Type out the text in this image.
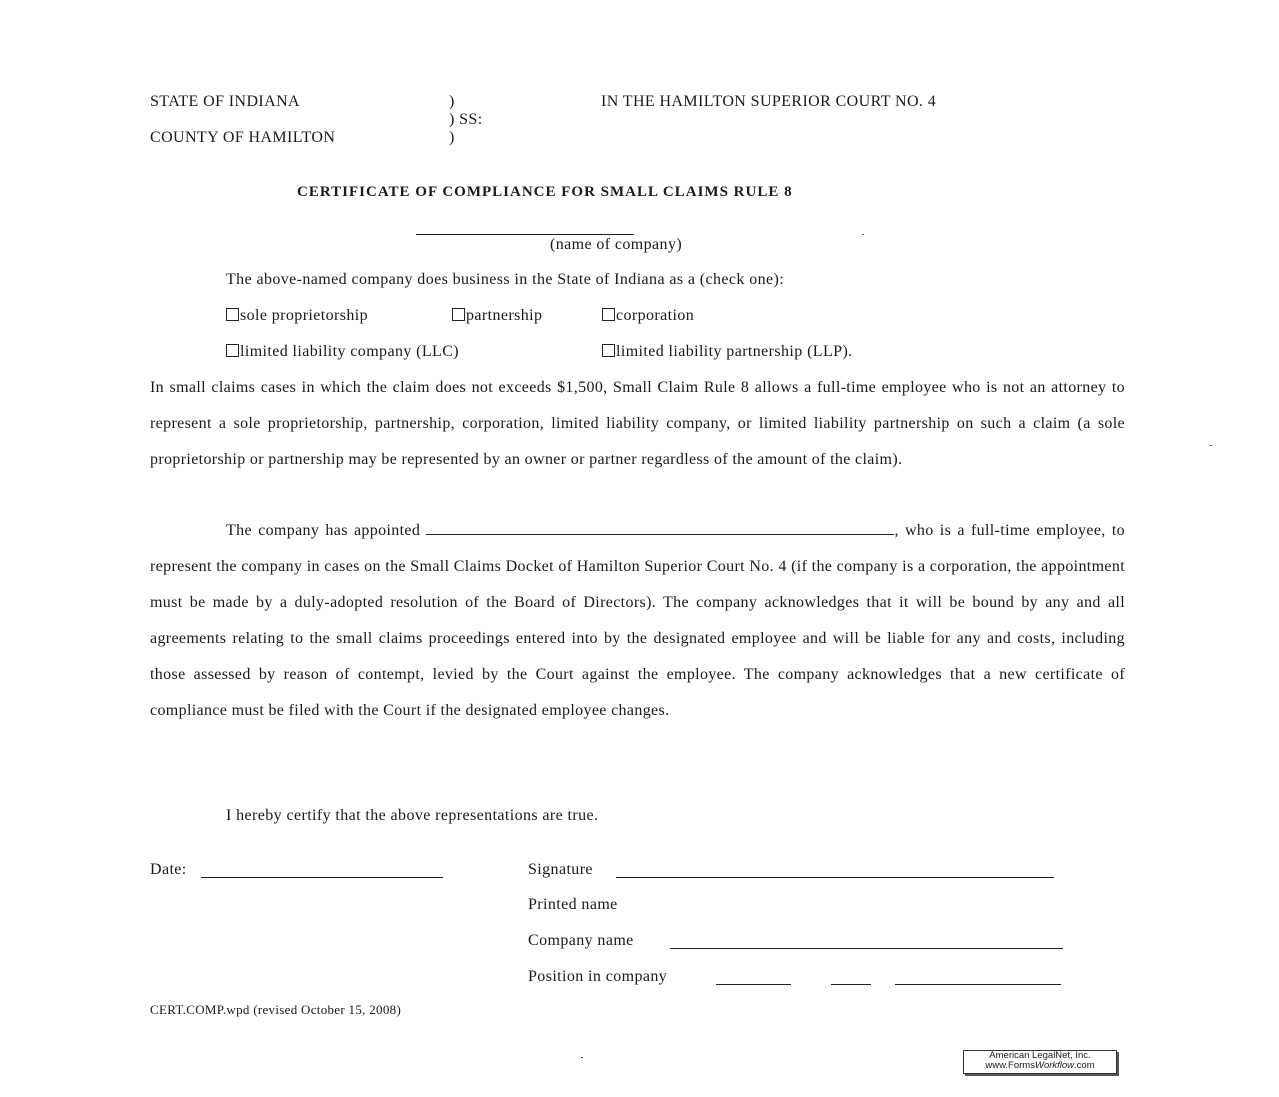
STATE OF INDIANA	)
) SS:
)
COUNTY OF HAMILTON
IN THE HAMILTON SUPERIOR COURT NO. 4
CERTIFICATE OF COMPLIANCE FOR SMALL CLAIMS RULE 8
(name of company)
The above-named company does business in the State of Indiana as a (check one):
sole proprietorship	partnership	corporation
limited liability company (LLC)	limited liability partnership (LLP).
In small claims cases in which the claim does not exceeds $1,500, Small Claim Rule 8 allows a full-time employee who is not an attorney to represent a sole proprietorship, partnership, corporation, limited liability company, or limited liability partnership on such a claim (a sole proprietorship or partnership may be represented by an owner or partner regardless of the amount of the claim).
The company has appointed	, who is a full-time employee, to represent the company in cases on the Small Claims Docket of Hamilton Superior Court No. 4 (if the company is a corporation, the appointment must be made by a duly-adopted resolution of the Board of Directors). The company acknowledges that it will be bound by any and all agreements relating to the small claims proceedings entered into by the designated employee and will be liable for any and costs, including those assessed by reason of contempt, levied by the Court against the employee. The company acknowledges that a new certificate of compliance must be filed with the Court if the designated employee changes.
I hereby certify that the above representations are true.
Date:	Signature
Printed name
Company name
Position in company
CERT.COMP.wpd (revised October 15, 2008)
American LegalNet, Inc.
www.FormsWorkflow.com
